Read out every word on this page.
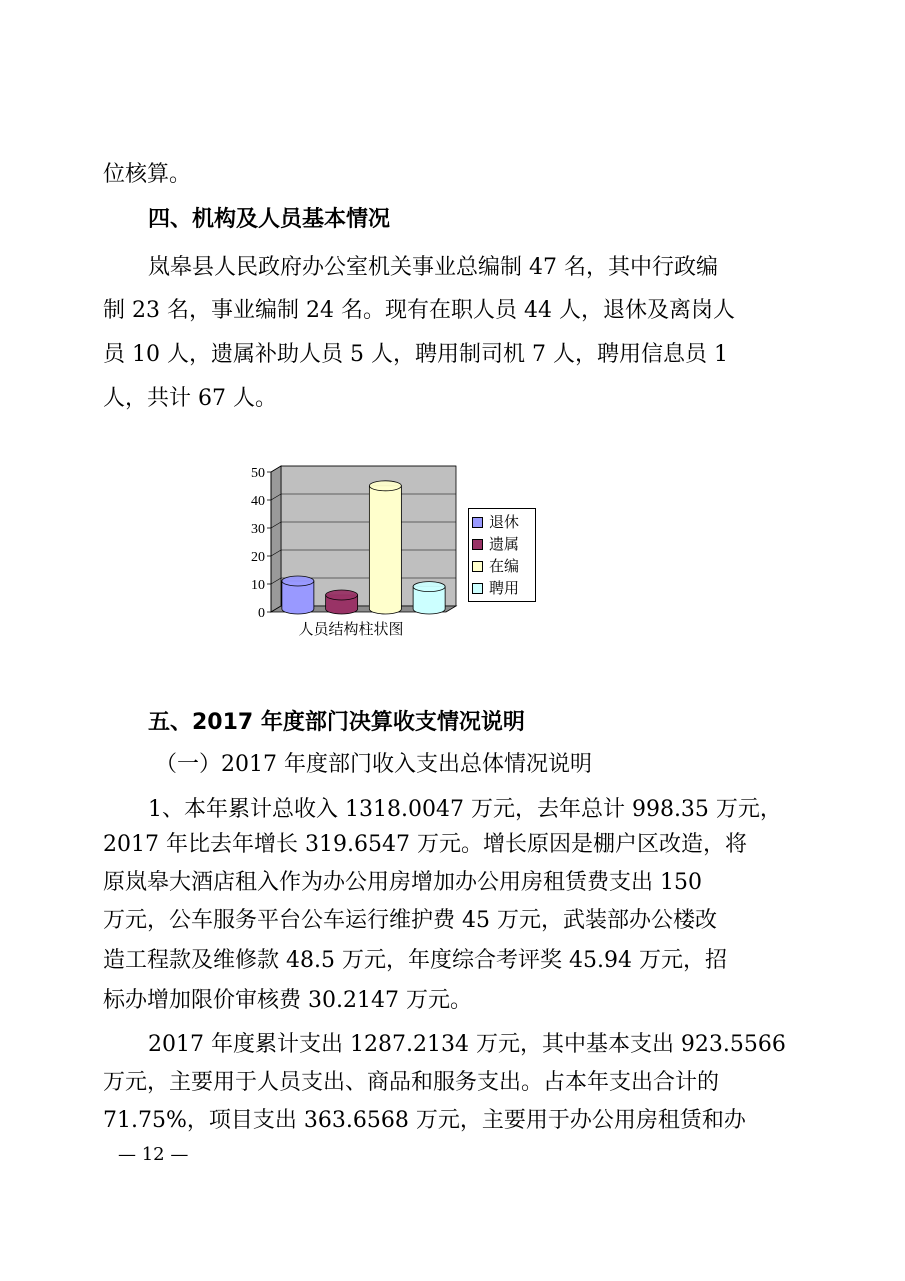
位核算。
四、机构及人员基本情况
岚皋县人民政府办公室机关事业总编制 47 名，其中行政编
制 23 名，事业编制 24 名。现有在职人员 44 人，退休及离岗人
员 10 人，遗属补助人员 5 人，聘用制司机 7 人，聘用信息员 1
人，共计 67 人。
0
10
20
30
40
50
退休
遗属
在编
聘用
人员结构柱状图
五、2017 年度部门决算收支情况说明
（一）2017 年度部门收入支出总体情况说明
1、本年累计总收入 1318.0047 万元，去年总计 998.35 万元，
2017 年比去年增长 319.6547 万元。增长原因是棚户区改造，将
原岚皋大酒店租入作为办公用房增加办公用房租赁费支出 150
万元，公车服务平台公车运行维护费 45 万元，武装部办公楼改
造工程款及维修款 48.5 万元，年度综合考评奖 45.94 万元，招
标办增加限价审核费 30.2147 万元。
2017 年度累计支出 1287.2134 万元，其中基本支出 923.5566
万元，主要用于人员支出、商品和服务支出。占本年支出合计的
71.75%，项目支出 363.6568 万元，主要用于办公用房租赁和办
— 12 —
